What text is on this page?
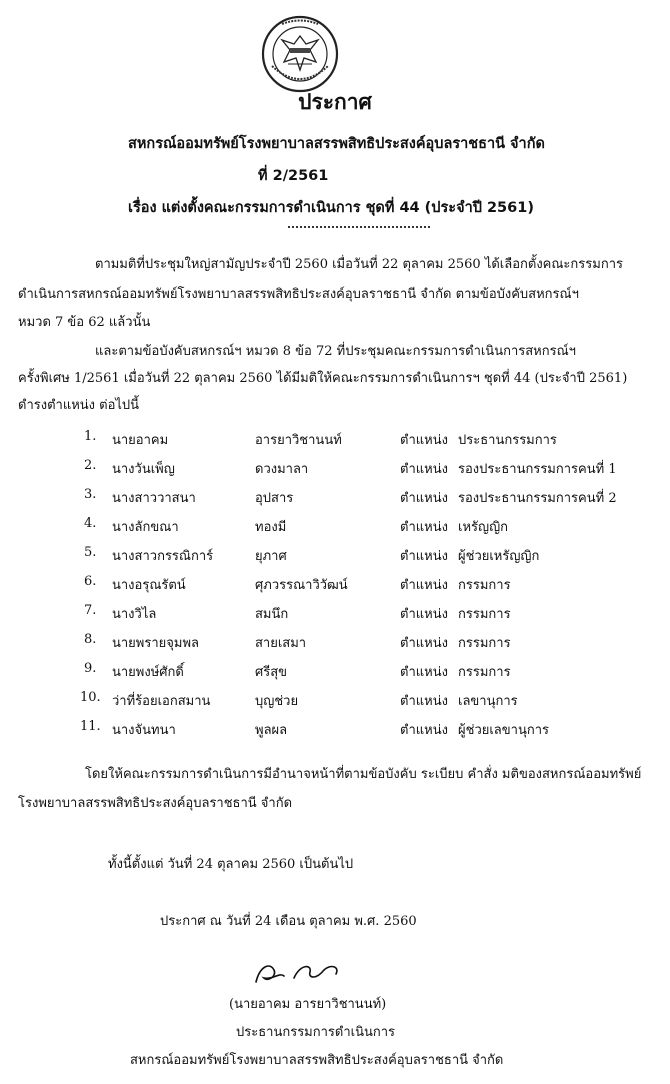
ประกาศ
สหกรณ์ออมทรัพย์โรงพยาบาลสรรพสิทธิประสงค์อุบลราชธานี จำกัด
ที่ 2/2561
เรื่อง แต่งตั้งคณะกรรมการดำเนินการ ชุดที่ 44 (ประจำปี 2561)
ตามมติที่ประชุมใหญ่สามัญประจำปี 2560 เมื่อวันที่ 22 ตุลาคม 2560 ได้เลือกตั้งคณะกรรมการ
ดำเนินการสหกรณ์ออมทรัพย์โรงพยาบาลสรรพสิทธิประสงค์อุบลราชธานี จำกัด ตามข้อบังคับสหกรณ์ฯ
หมวด 7 ข้อ 62 แล้วนั้น
และตามข้อบังคับสหกรณ์ฯ หมวด 8 ข้อ 72 ที่ประชุมคณะกรรมการดำเนินการสหกรณ์ฯ
ครั้งพิเศษ 1/2561 เมื่อวันที่ 22 ตุลาคม 2560 ได้มีมติให้คณะกรรมการดำเนินการฯ ชุดที่ 44 (ประจำปี 2561)
ดำรงตำแหน่ง ต่อไปนี้
1. นายอาคม	อารยาวิชานนท์	ตำแหน่ง ประธานกรรมการ
2. นางวันเพ็ญ	ดวงมาลา	ตำแหน่ง รองประธานกรรมการคนที่ 1
3. นางสาววาสนา	อุปสาร	ตำแหน่ง รองประธานกรรมการคนที่ 2
4. นางลักขณา	ทองมี	ตำแหน่ง เหรัญญิก
5. นางสาวกรรณิการ์	ยุภาศ	ตำแหน่ง ผู้ช่วยเหรัญญิก
6. นางอรุณรัตน์	ศุภวรรณาวิวัฒน์	ตำแหน่ง กรรมการ
7. นางวิไล	สมนึก	ตำแหน่ง กรรมการ
8. นายพรายจุมพล	สายเสมา	ตำแหน่ง กรรมการ
9. นายพงษ์ศักดิ์	ศรีสุข	ตำแหน่ง กรรมการ
10. ว่าที่ร้อยเอกสมาน	บุญช่วย	ตำแหน่ง เลขานุการ
11. นางจันทนา	พูลผล	ตำแหน่ง ผู้ช่วยเลขานุการ
โดยให้คณะกรรมการดำเนินการมีอำนาจหน้าที่ตามข้อบังคับ ระเบียบ คำสั่ง มติของสหกรณ์ออมทรัพย์
โรงพยาบาลสรรพสิทธิประสงค์อุบลราชธานี จำกัด
ทั้งนี้ตั้งแต่ วันที่ 24 ตุลาคม 2560 เป็นต้นไป
ประกาศ ณ วันที่ 24 เดือน ตุลาคม พ.ศ. 2560
(นายอาคม อารยาวิชานนท์)
ประธานกรรมการดำเนินการ
สหกรณ์ออมทรัพย์โรงพยาบาลสรรพสิทธิประสงค์อุบลราชธานี จำกัด
